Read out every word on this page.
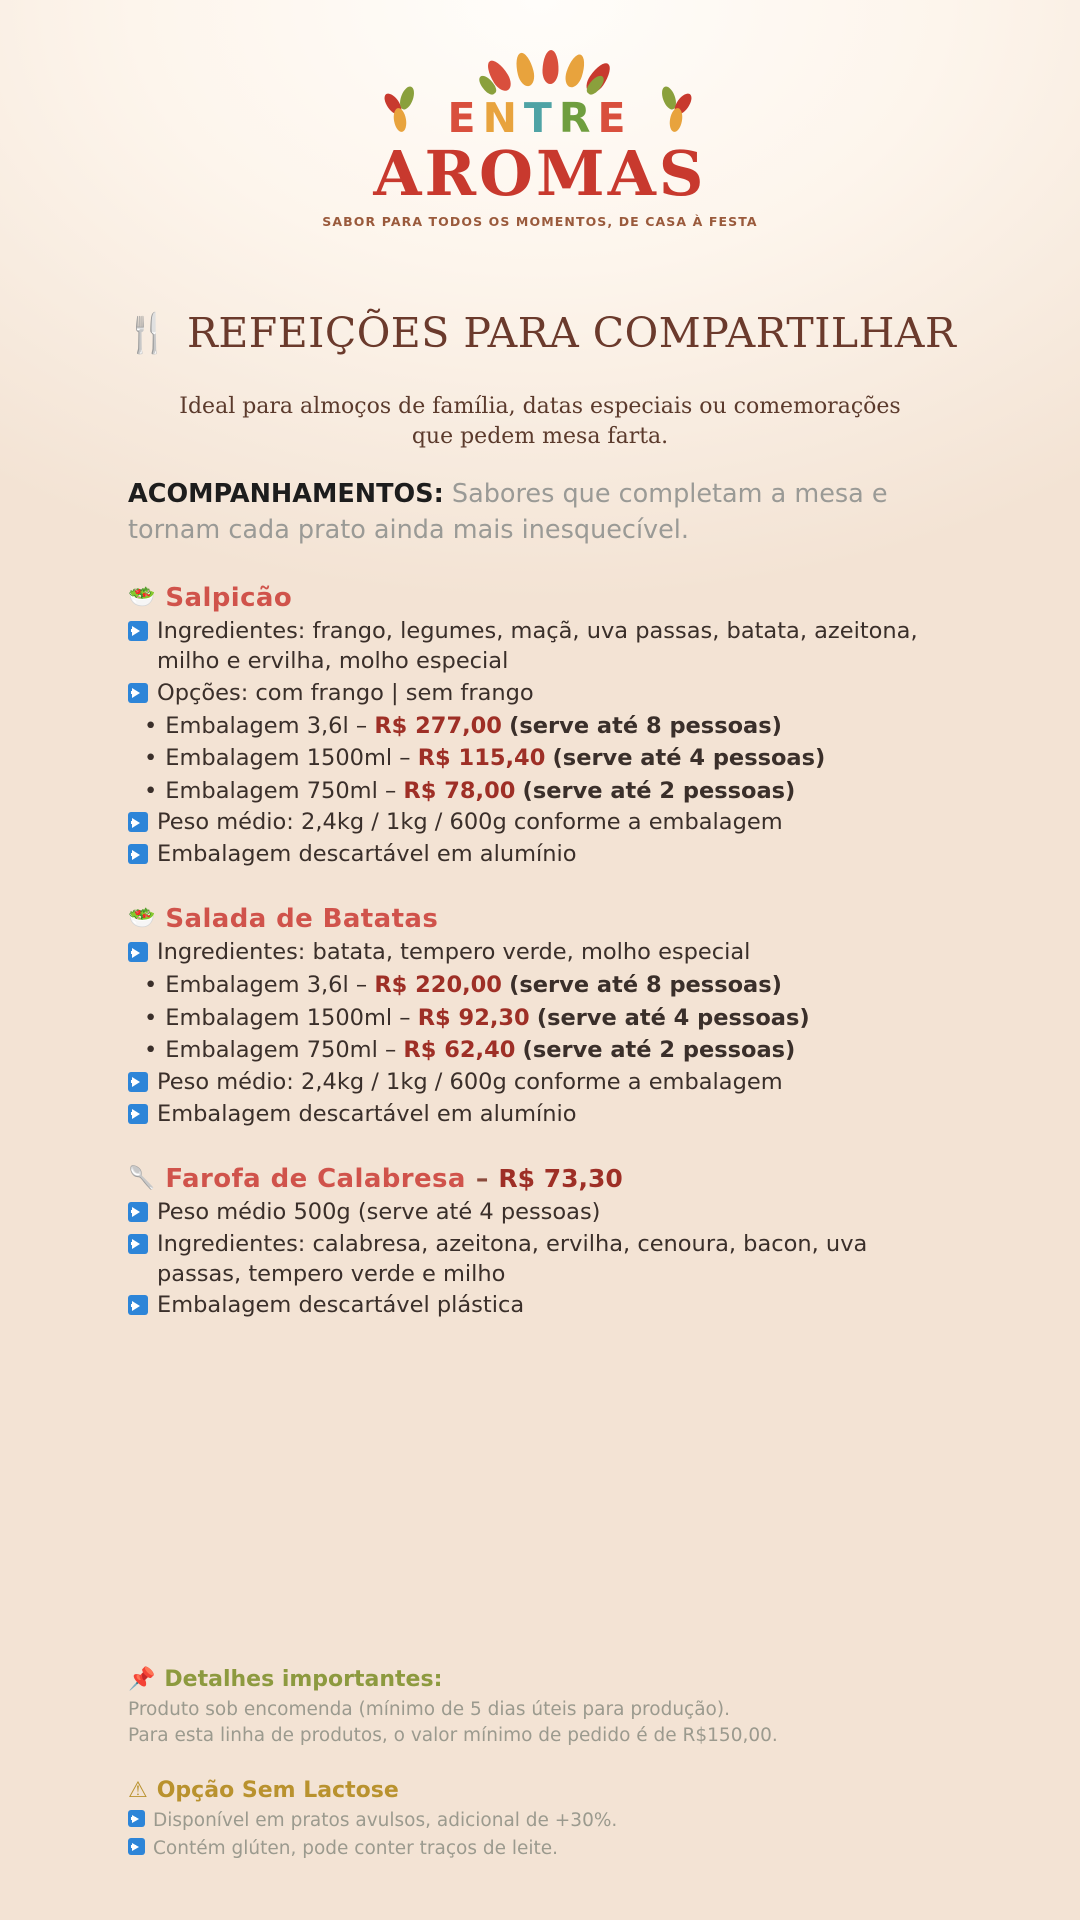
ENTRE
AROMAS
SABOR PARA TODOS OS MOMENTOS, DE CASA À FESTA
🍴 REFEIÇÕES PARA COMPARTILHAR
Ideal para almoços de família, datas especiais ou comemorações
que pedem mesa farta.
ACOMPANHAMENTOS: Sabores que completam a mesa e tornam cada prato ainda mais inesquecível.
🥗 Salpicão
Ingredientes: frango, legumes, maçã, uva passas, batata, azeitona, milho e ervilha, molho especial
Opções: com frango | sem frango
• Embalagem 3,6l – R$ 277,00 (serve até 8 pessoas)
• Embalagem 1500ml – R$ 115,40 (serve até 4 pessoas)
• Embalagem 750ml – R$ 78,00 (serve até 2 pessoas)
Peso médio: 2,4kg / 1kg / 600g conforme a embalagem
Embalagem descartável em alumínio
🥗 Salada de Batatas
Ingredientes: batata, tempero verde, molho especial
• Embalagem 3,6l – R$ 220,00 (serve até 8 pessoas)
• Embalagem 1500ml – R$ 92,30 (serve até 4 pessoas)
• Embalagem 750ml – R$ 62,40 (serve até 2 pessoas)
Peso médio: 2,4kg / 1kg / 600g conforme a embalagem
Embalagem descartável em alumínio
🥄 Farofa de Calabresa – R$ 73,30
Peso médio 500g (serve até 4 pessoas)
Ingredientes: calabresa, azeitona, ervilha, cenoura, bacon, uva passas, tempero verde e milho
Embalagem descartável plástica
📌 Detalhes importantes:
Produto sob encomenda (mínimo de 5 dias úteis para produção).
Para esta linha de produtos, o valor mínimo de pedido é de R$150,00.
⚠ Opção Sem Lactose
Disponível em pratos avulsos, adicional de +30%.
Contém glúten, pode conter traços de leite.
